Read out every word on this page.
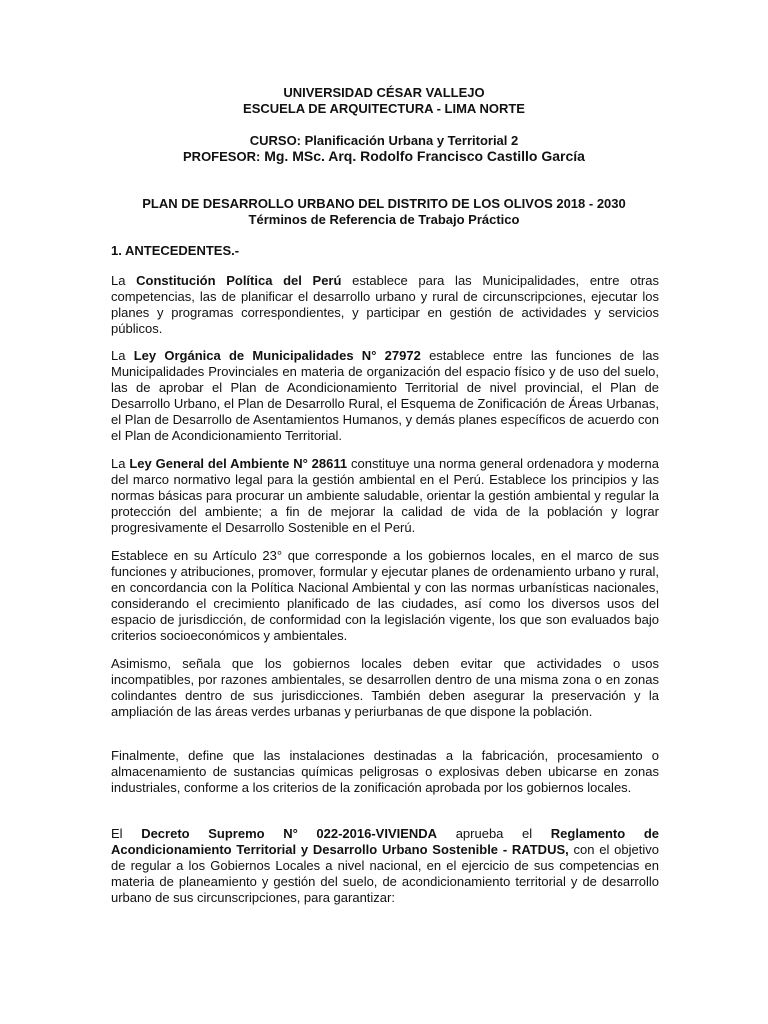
UNIVERSIDAD CÉSAR VALLEJO
ESCUELA DE ARQUITECTURA - LIMA NORTE
CURSO: Planificación Urbana y Territorial 2
PROFESOR: Mg. MSc. Arq. Rodolfo Francisco Castillo García
PLAN DE DESARROLLO URBANO DEL DISTRITO DE LOS OLIVOS 2018 - 2030
Términos de Referencia de Trabajo Práctico
1. ANTECEDENTES.-

La Constitución Política del Perú establece para las Municipalidades, entre otras competencias, las de planificar el desarrollo urbano y rural de circunscripciones, ejecutar los planes y programas correspondientes, y participar en gestión de actividades y servicios públicos.

La Ley Orgánica de Municipalidades N° 27972 establece entre las funciones de las Municipalidades Provinciales en materia de organización del espacio físico y de uso del suelo, las de aprobar el Plan de Acondicionamiento Territorial de nivel provincial, el Plan de Desarrollo Urbano, el Plan de Desarrollo Rural, el Esquema de Zonificación de Áreas Urbanas, el Plan de Desarrollo de Asentamientos Humanos, y demás planes específicos de acuerdo con el Plan de Acondicionamiento Territorial.

La Ley General del Ambiente N° 28611 constituye una norma general ordenadora y moderna del marco normativo legal para la gestión ambiental en el Perú. Establece los principios y las normas básicas para procurar un ambiente saludable, orientar la gestión ambiental y regular la protección del ambiente; a fin de mejorar la calidad de vida de la población y lograr progresivamente el Desarrollo Sostenible en el Perú.

Establece en su Artículo 23° que corresponde a los gobiernos locales, en el marco de sus funciones y atribuciones, promover, formular y ejecutar planes de ordenamiento urbano y rural, en concordancia con la Política Nacional Ambiental y con las normas urbanísticas nacionales, considerando el crecimiento planificado de las ciudades, así como los diversos usos del espacio de jurisdicción, de conformidad con la legislación vigente, los que son evaluados bajo criterios socioeconómicos y ambientales.

Asimismo, señala que los gobiernos locales deben evitar que actividades o usos incompatibles, por razones ambientales, se desarrollen dentro de una misma zona o en zonas colindantes dentro de sus jurisdicciones. También deben asegurar la preservación y la ampliación de las áreas verdes urbanas y periurbanas de que dispone la población.

Finalmente, define que las instalaciones destinadas a la fabricación, procesamiento o almacenamiento de sustancias químicas peligrosas o explosivas deben ubicarse en zonas industriales, conforme a los criterios de la zonificación aprobada por los gobiernos locales.

El Decreto Supremo N° 022-2016-VIVIENDA aprueba el Reglamento de Acondicionamiento Territorial y Desarrollo Urbano Sostenible - RATDUS, con el objetivo de regular a los Gobiernos Locales a nivel nacional, en el ejercicio de sus competencias en materia de planeamiento y gestión del suelo, de acondicionamiento territorial y de desarrollo urbano de sus circunscripciones, para garantizar:
